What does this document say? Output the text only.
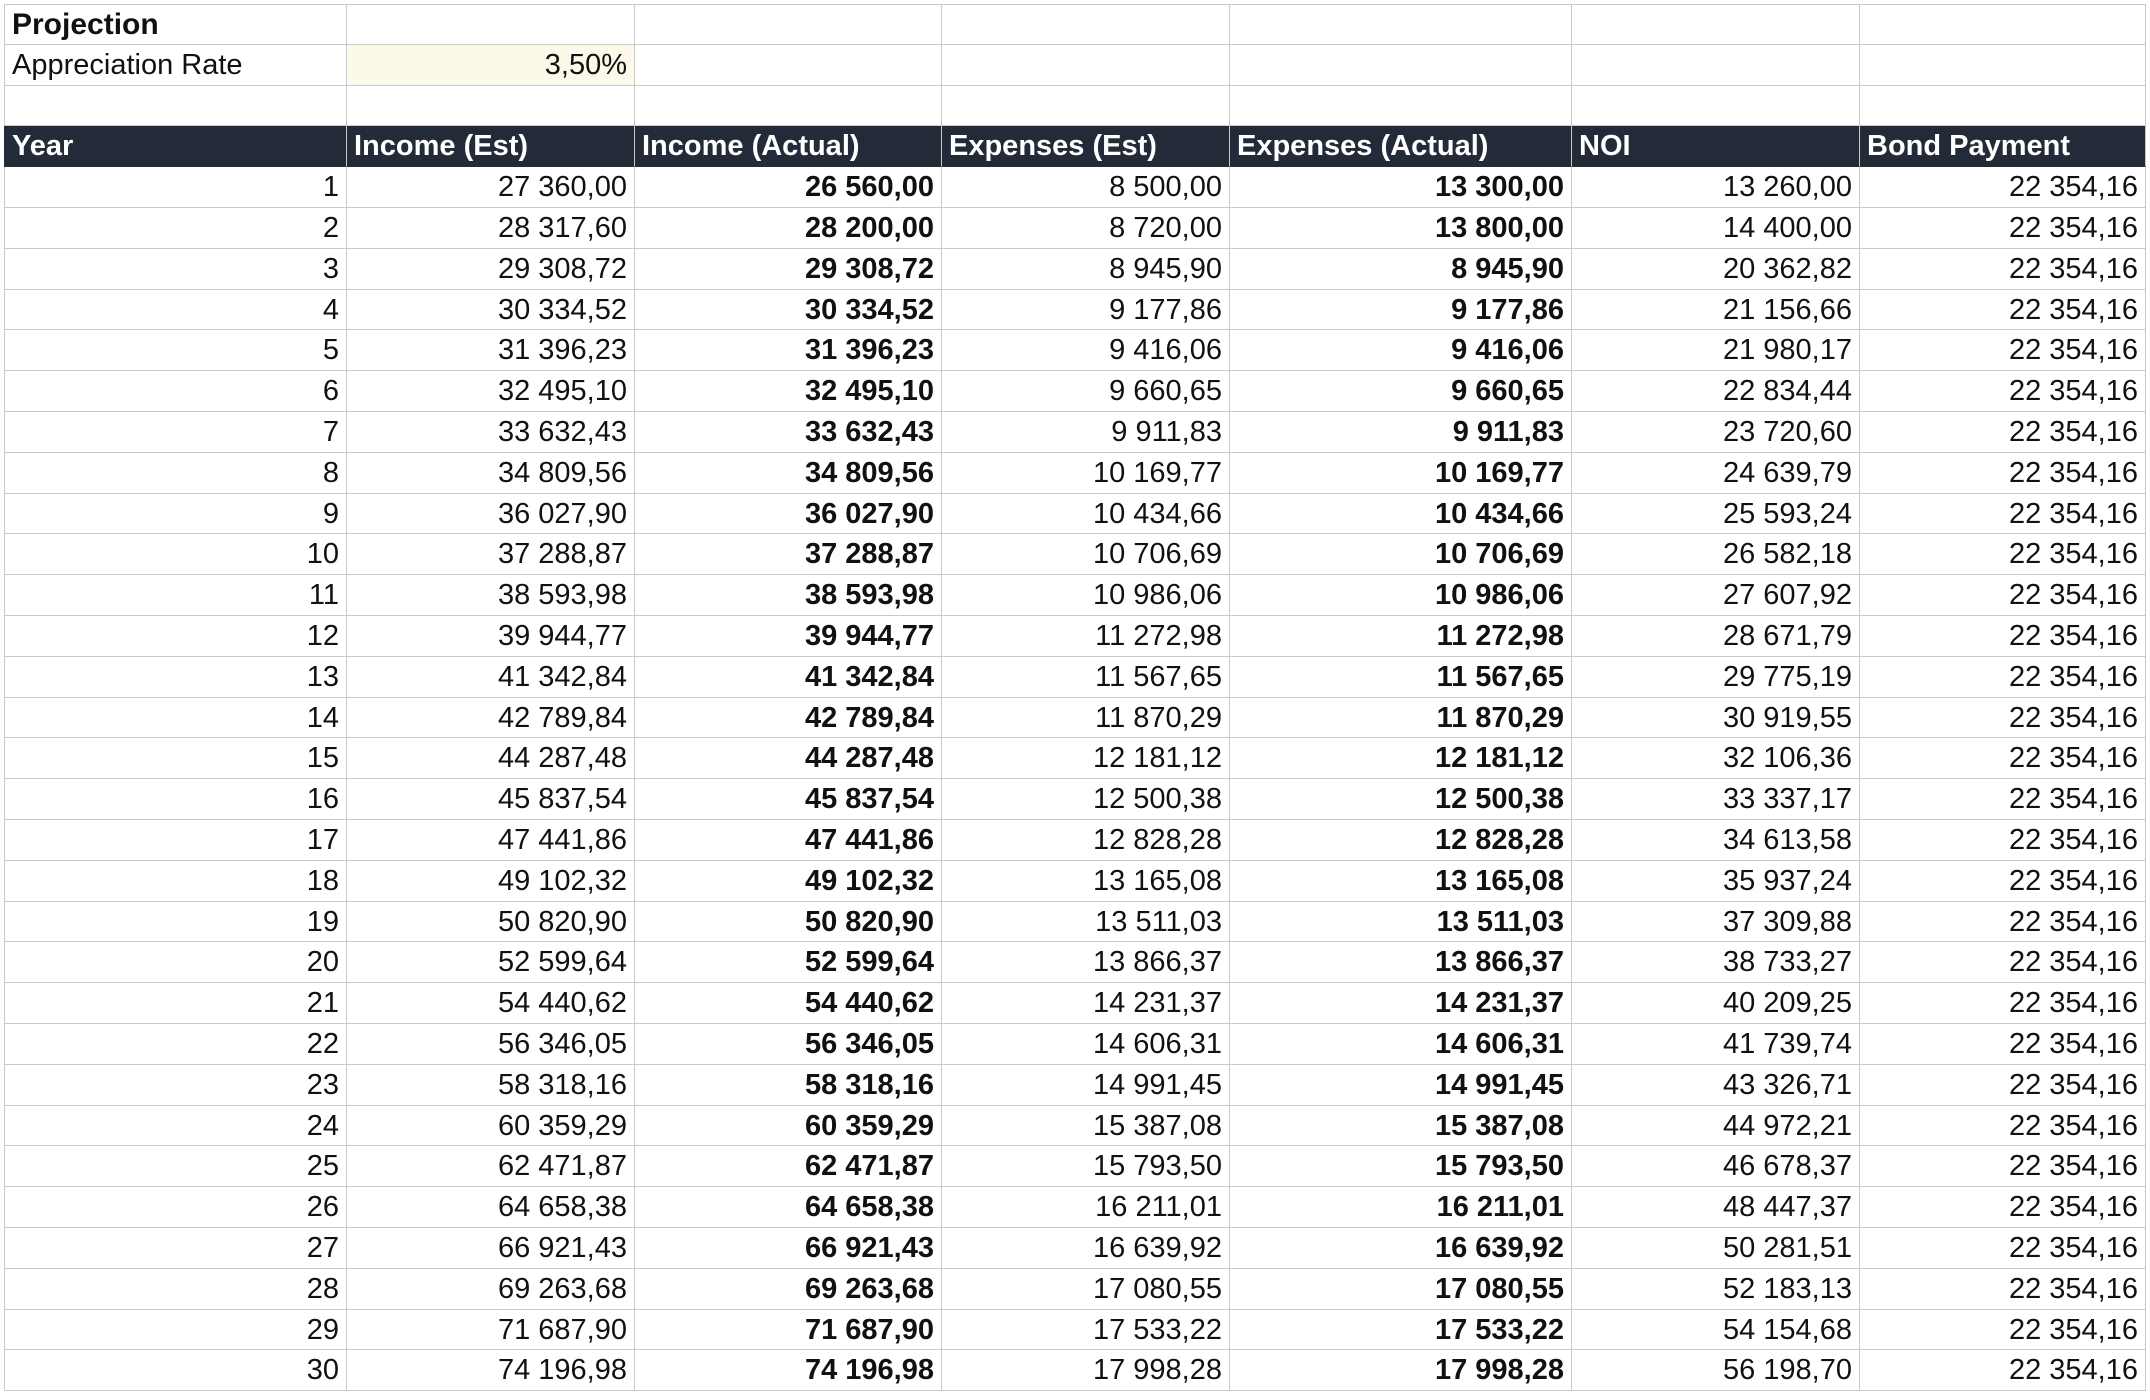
Projection
Appreciation Rate	3,50%
Year	Income (Est)	Income (Actual)	Expenses (Est)	Expenses (Actual)	NOI	Bond Payment
1	27 360,00	26 560,00	8 500,00	13 300,00	13 260,00	22 354,16
2	28 317,60	28 200,00	8 720,00	13 800,00	14 400,00	22 354,16
3	29 308,72	29 308,72	8 945,90	8 945,90	20 362,82	22 354,16
4	30 334,52	30 334,52	9 177,86	9 177,86	21 156,66	22 354,16
5	31 396,23	31 396,23	9 416,06	9 416,06	21 980,17	22 354,16
6	32 495,10	32 495,10	9 660,65	9 660,65	22 834,44	22 354,16
7	33 632,43	33 632,43	9 911,83	9 911,83	23 720,60	22 354,16
8	34 809,56	34 809,56	10 169,77	10 169,77	24 639,79	22 354,16
9	36 027,90	36 027,90	10 434,66	10 434,66	25 593,24	22 354,16
10	37 288,87	37 288,87	10 706,69	10 706,69	26 582,18	22 354,16
11	38 593,98	38 593,98	10 986,06	10 986,06	27 607,92	22 354,16
12	39 944,77	39 944,77	11 272,98	11 272,98	28 671,79	22 354,16
13	41 342,84	41 342,84	11 567,65	11 567,65	29 775,19	22 354,16
14	42 789,84	42 789,84	11 870,29	11 870,29	30 919,55	22 354,16
15	44 287,48	44 287,48	12 181,12	12 181,12	32 106,36	22 354,16
16	45 837,54	45 837,54	12 500,38	12 500,38	33 337,17	22 354,16
17	47 441,86	47 441,86	12 828,28	12 828,28	34 613,58	22 354,16
18	49 102,32	49 102,32	13 165,08	13 165,08	35 937,24	22 354,16
19	50 820,90	50 820,90	13 511,03	13 511,03	37 309,88	22 354,16
20	52 599,64	52 599,64	13 866,37	13 866,37	38 733,27	22 354,16
21	54 440,62	54 440,62	14 231,37	14 231,37	40 209,25	22 354,16
22	56 346,05	56 346,05	14 606,31	14 606,31	41 739,74	22 354,16
23	58 318,16	58 318,16	14 991,45	14 991,45	43 326,71	22 354,16
24	60 359,29	60 359,29	15 387,08	15 387,08	44 972,21	22 354,16
25	62 471,87	62 471,87	15 793,50	15 793,50	46 678,37	22 354,16
26	64 658,38	64 658,38	16 211,01	16 211,01	48 447,37	22 354,16
27	66 921,43	66 921,43	16 639,92	16 639,92	50 281,51	22 354,16
28	69 263,68	69 263,68	17 080,55	17 080,55	52 183,13	22 354,16
29	71 687,90	71 687,90	17 533,22	17 533,22	54 154,68	22 354,16
30	74 196,98	74 196,98	17 998,28	17 998,28	56 198,70	22 354,16
